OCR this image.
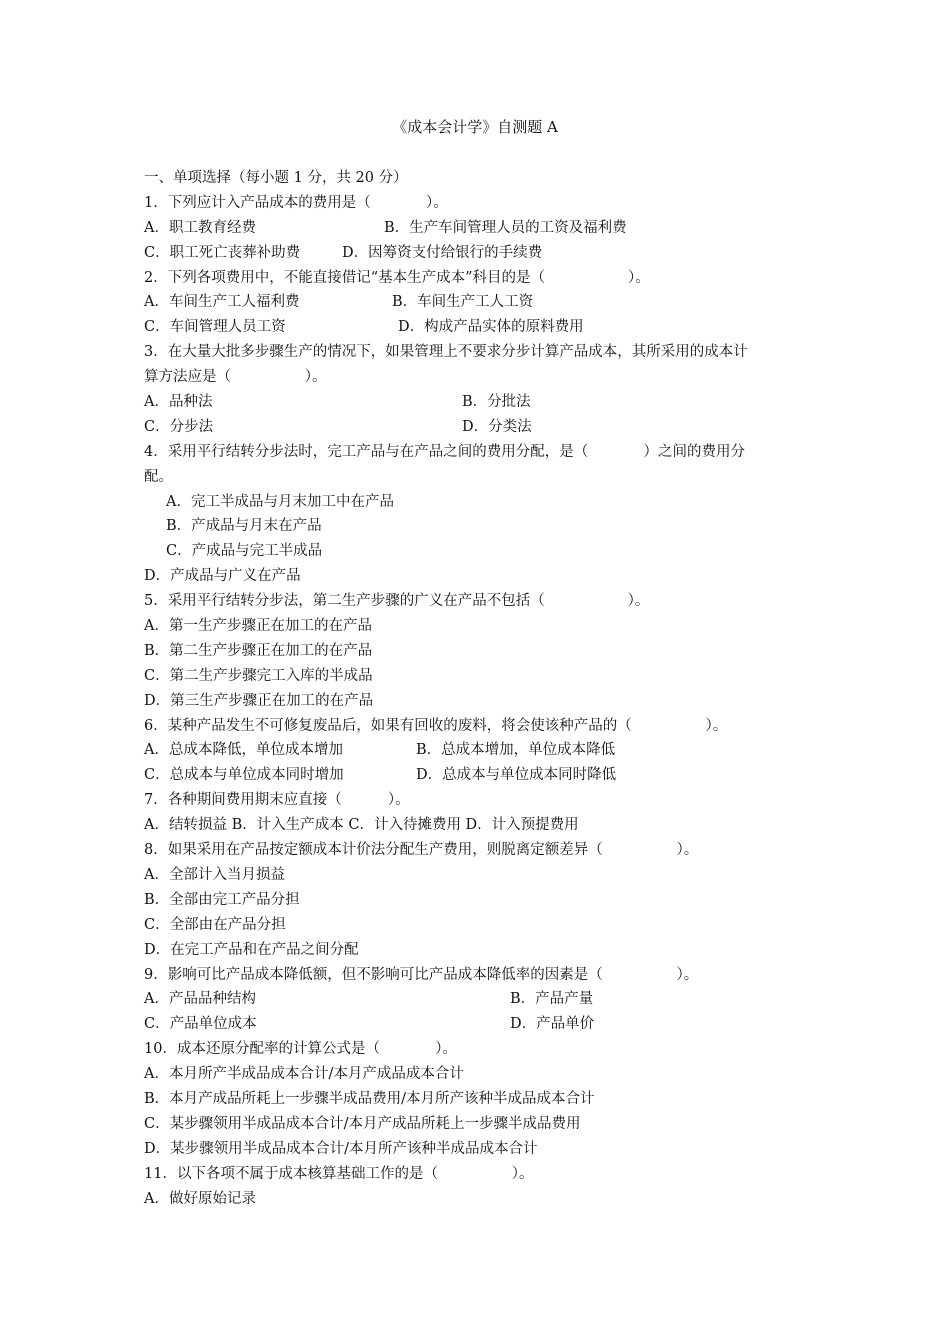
《成本会计学》自测题 A
一、单项选择（每小题 1 分，共 20 分）
1．下列应计入产品成本的费用是（            ）。
A．职工教育经费	B．生产车间管理人员的工资及福利费
C．职工死亡丧葬补助费	D．因筹资支付给银行的手续费
2．下列各项费用中，不能直接借记“基本生产成本”科目的是（                  ）。
A．车间生产工人福利费	B．车间生产工人工资
C．车间管理人员工资	D．构成产品实体的原料费用
3．在大量大批多步骤生产的情况下，如果管理上不要求分步计算产品成本，其所采用的成本计
算方法应是（                ）。
A．品种法	B．分批法
C．分步法	D．分类法
4．采用平行结转分步法时，完工产品与在产品之间的费用分配，是（            ）之间的费用分
配。
A．完工半成品与月末加工中在产品
B．产成品与月末在产品
C．产成品与完工半成品
D．产成品与广义在产品
5．采用平行结转分步法，第二生产步骤的广义在产品不包括（                  ）。
A．第一生产步骤正在加工的在产品
B．第二生产步骤正在加工的在产品
C．第二生产步骤完工入库的半成品
D．第三生产步骤正在加工的在产品
6．某种产品发生不可修复废品后，如果有回收的废料，将会使该种产品的（                ）。
A．总成本降低，单位成本增加	B．总成本增加，单位成本降低
C．总成本与单位成本同时增加	D．总成本与单位成本同时降低
7．各种期间费用期末应直接（          ）。
A．结转损益 B．计入生产成本 C．计入待摊费用 D．计入预提费用
8．如果采用在产品按定额成本计价法分配生产费用，则脱离定额差异（                ）。
A．全部计入当月损益
B．全部由完工产品分担
C．全部由在产品分担
D．在完工产品和在产品之间分配
9．影响可比产品成本降低额，但不影响可比产品成本降低率的因素是（                ）。
A．产品品种结构	B．产品产量
C．产品单位成本	D．产品单价
10．成本还原分配率的计算公式是（            ）。
A．本月所产半成品成本合计/本月产成品成本合计
B．本月产成品所耗上一步骤半成品费用/本月所产该种半成品成本合计
C．某步骤领用半成品成本合计/本月产成品所耗上一步骤半成品费用
D．某步骤领用半成品成本合计/本月所产该种半成品成本合计
11．以下各项不属于成本核算基础工作的是（                ）。
A．做好原始记录
